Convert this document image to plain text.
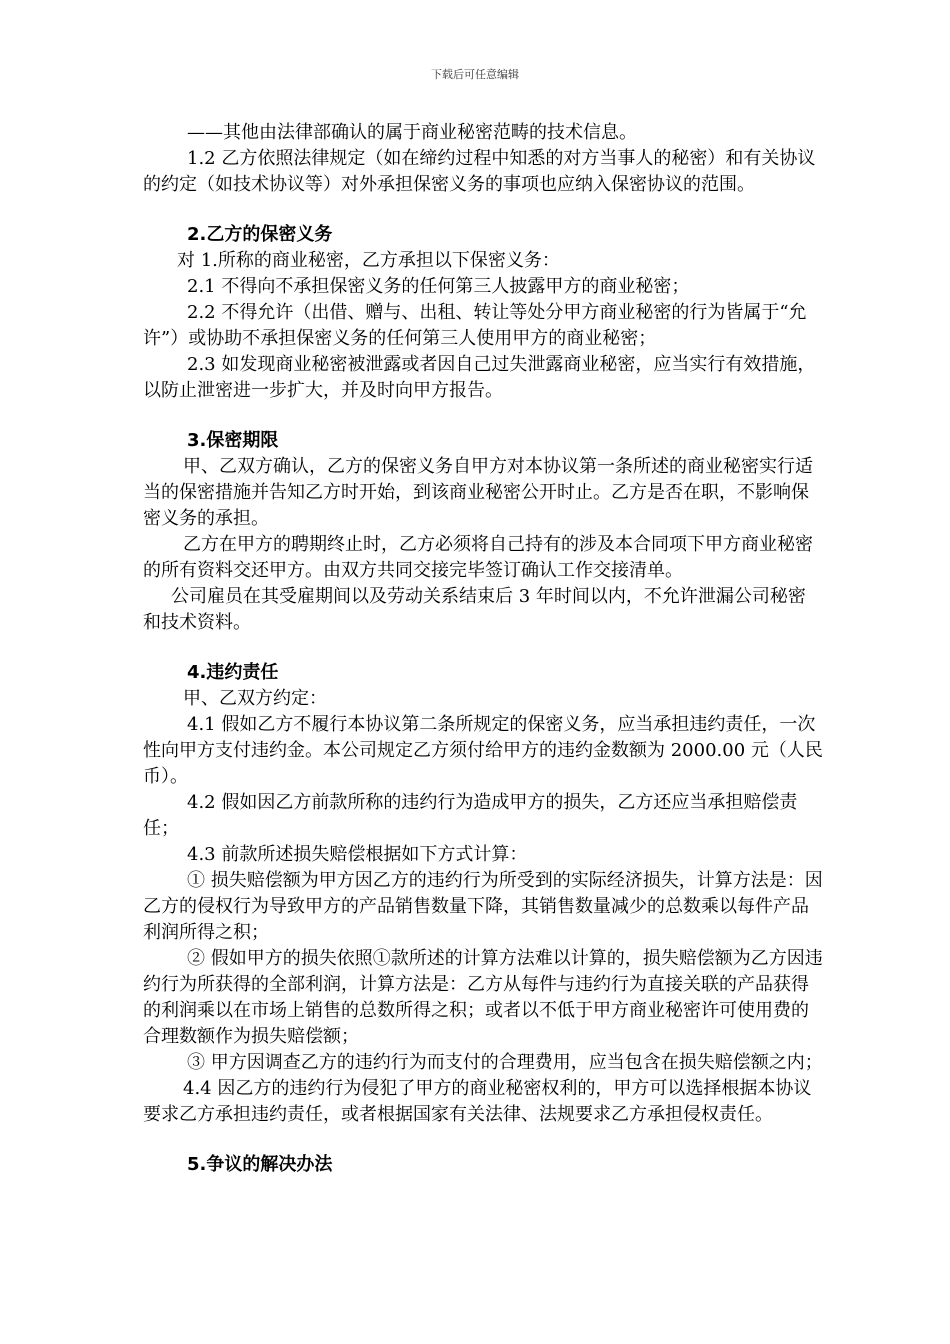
下载后可任意编辑

——其他由法律部确认的属于商业秘密范畴的技术信息。

1.2 乙方依照法律规定（如在缔约过程中知悉的对方当事人的秘密）和有关协议的约定（如技术协议等）对外承担保密义务的事项也应纳入保密协议的范围。

2.乙方的保密义务

对 1.所称的商业秘密，乙方承担以下保密义务：

2.1 不得向不承担保密义务的任何第三人披露甲方的商业秘密；

2.2 不得允许（出借、赠与、出租、转让等处分甲方商业秘密的行为皆属于“允许”）或协助不承担保密义务的任何第三人使用甲方的商业秘密；

2.3 如发现商业秘密被泄露或者因自己过失泄露商业秘密，应当实行有效措施，以防止泄密进一步扩大，并及时向甲方报告。

3.保密期限

甲、乙双方确认，乙方的保密义务自甲方对本协议第一条所述的商业秘密实行适当的保密措施并告知乙方时开始，到该商业秘密公开时止。乙方是否在职，不影响保密义务的承担。

乙方在甲方的聘期终止时，乙方必须将自己持有的涉及本合同项下甲方商业秘密的所有资料交还甲方。由双方共同交接完毕签订确认工作交接清单。

公司雇员在其受雇期间以及劳动关系结束后 3 年时间以内，不允许泄漏公司秘密和技术资料。

4.违约责任

甲、乙双方约定：

4.1 假如乙方不履行本协议第二条所规定的保密义务，应当承担违约责任，一次性向甲方支付违约金。本公司规定乙方须付给甲方的违约金数额为 2000.00 元（人民币）。

4.2 假如因乙方前款所称的违约行为造成甲方的损失，乙方还应当承担赔偿责任；

4.3 前款所述损失赔偿根据如下方式计算：

① 损失赔偿额为甲方因乙方的违约行为所受到的实际经济损失，计算方法是：因乙方的侵权行为导致甲方的产品销售数量下降，其销售数量减少的总数乘以每件产品利润所得之积；

② 假如甲方的损失依照①款所述的计算方法难以计算的，损失赔偿额为乙方因违约行为所获得的全部利润，计算方法是：乙方从每件与违约行为直接关联的产品获得的利润乘以在市场上销售的总数所得之积；或者以不低于甲方商业秘密许可使用费的合理数额作为损失赔偿额；

③ 甲方因调查乙方的违约行为而支付的合理费用，应当包含在损失赔偿额之内；

4.4 因乙方的违约行为侵犯了甲方的商业秘密权利的，甲方可以选择根据本协议要求乙方承担违约责任，或者根据国家有关法律、法规要求乙方承担侵权责任。

5.争议的解决办法
